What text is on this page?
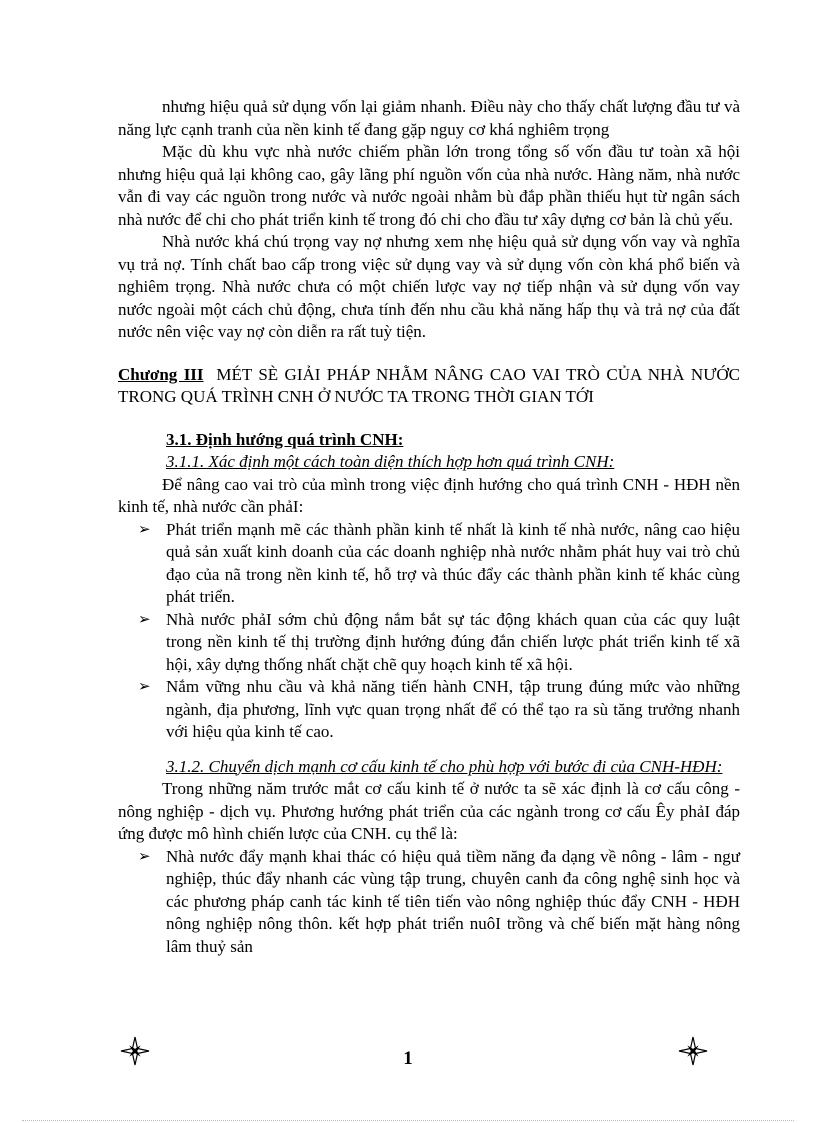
nhưng hiệu quả sử dụng vốn lại giảm nhanh. Điều này cho thấy chất lượng đầu tư và năng lực cạnh tranh của nền kinh tế đang gặp nguy cơ khá nghiêm trọng

Mặc dù khu vực nhà nước chiếm phần lớn trong tổng số vốn đầu tư toàn xã hội nhưng hiệu quả lại không cao, gây lãng phí nguồn vốn của nhà nước. Hàng năm, nhà nước vẫn đi vay các nguồn trong nước và nước ngoài nhằm bù đắp phần thiếu hụt từ ngân sách nhà nước để chi cho phát triển kinh tế trong đó chi cho đầu tư xây dựng cơ bản là chủ yếu.

Nhà nước khá chú trọng vay nợ nhưng xem nhẹ hiệu quả sử dụng vốn vay và nghĩa vụ trả nợ. Tính chất bao cấp trong việc sử dụng vay và sử dụng vốn còn khá phổ biến và nghiêm trọng. Nhà nước chưa có một chiến lược vay nợ tiếp nhận và sử dụng vốn vay nước ngoài một cách chủ động, chưa tính đến nhu cầu khả năng hấp thụ và trả nợ của đất nước nên việc vay nợ còn diễn ra rất tuỳ tiện.

Chương III MÉT SÈ GIẢI PHÁP NHẰM NÂNG CAO VAI TRÒ CỦA NHÀ NƯỚC TRONG QUÁ TRÌNH CNH Ở NƯỚC TA TRONG THỜI GIAN TỚI

3.1. Định hướng quá trình CNH:
3.1.1. Xác định một cách toàn diện thích hợp hơn quá trình CNH:

Để nâng cao vai trò của mình trong việc định hướng cho quá trình CNH - HĐH nền kinh tế, nhà nước cần phảI:

➢ Phát triển mạnh mẽ các thành phần kinh tế nhất là kinh tế nhà nước, nâng cao hiệu quả sản xuất kinh doanh của các doanh nghiệp nhà nước nhằm phát huy vai trò chủ đạo của nã trong nền kinh tế, hỗ trợ và thúc đẩy các thành phần kinh tế khác cùng phát triển.
➢ Nhà nước phảI sớm chủ động nắm bắt sự tác động khách quan của các quy luật trong nền kinh tế thị trường định hướng đúng đắn chiến lược phát triển kinh tế xã hội, xây dựng thống nhất chặt chẽ quy hoạch kinh tế xã hội.
➢ Nắm vững nhu cầu và khả năng tiến hành CNH, tập trung đúng mức vào những ngành, địa phương, lĩnh vực quan trọng nhất để có thể tạo ra sù tăng trưởng nhanh với hiệu qủa kinh tế cao.
3.1.2. Chuyển dịch mạnh cơ cấu kinh tế cho phù hợp với bước đi của CNH-HĐH:

Trong những năm trước mắt cơ cấu kinh tế ở nước ta sẽ xác định là cơ cấu công - nông nghiệp - dịch vụ. Phương hướng phát triển của các ngành trong cơ cấu Êy phảI đáp ứng được mô hình chiến lược của CNH. cụ thể là:

➢ Nhà nước đẩy mạnh khai thác có hiệu quả tiềm năng đa dạng về nông - lâm - ngư nghiệp, thúc đẩy nhanh các vùng tập trung, chuyên canh đa công nghệ sinh học và các phương pháp canh tác kinh tế tiên tiến vào nông nghiệp thúc đẩy CNH - HĐH nông nghiệp nông thôn. kết hợp phát triển nuôI trồng và chế biến mặt hàng nông lâm thuỷ sản
1
